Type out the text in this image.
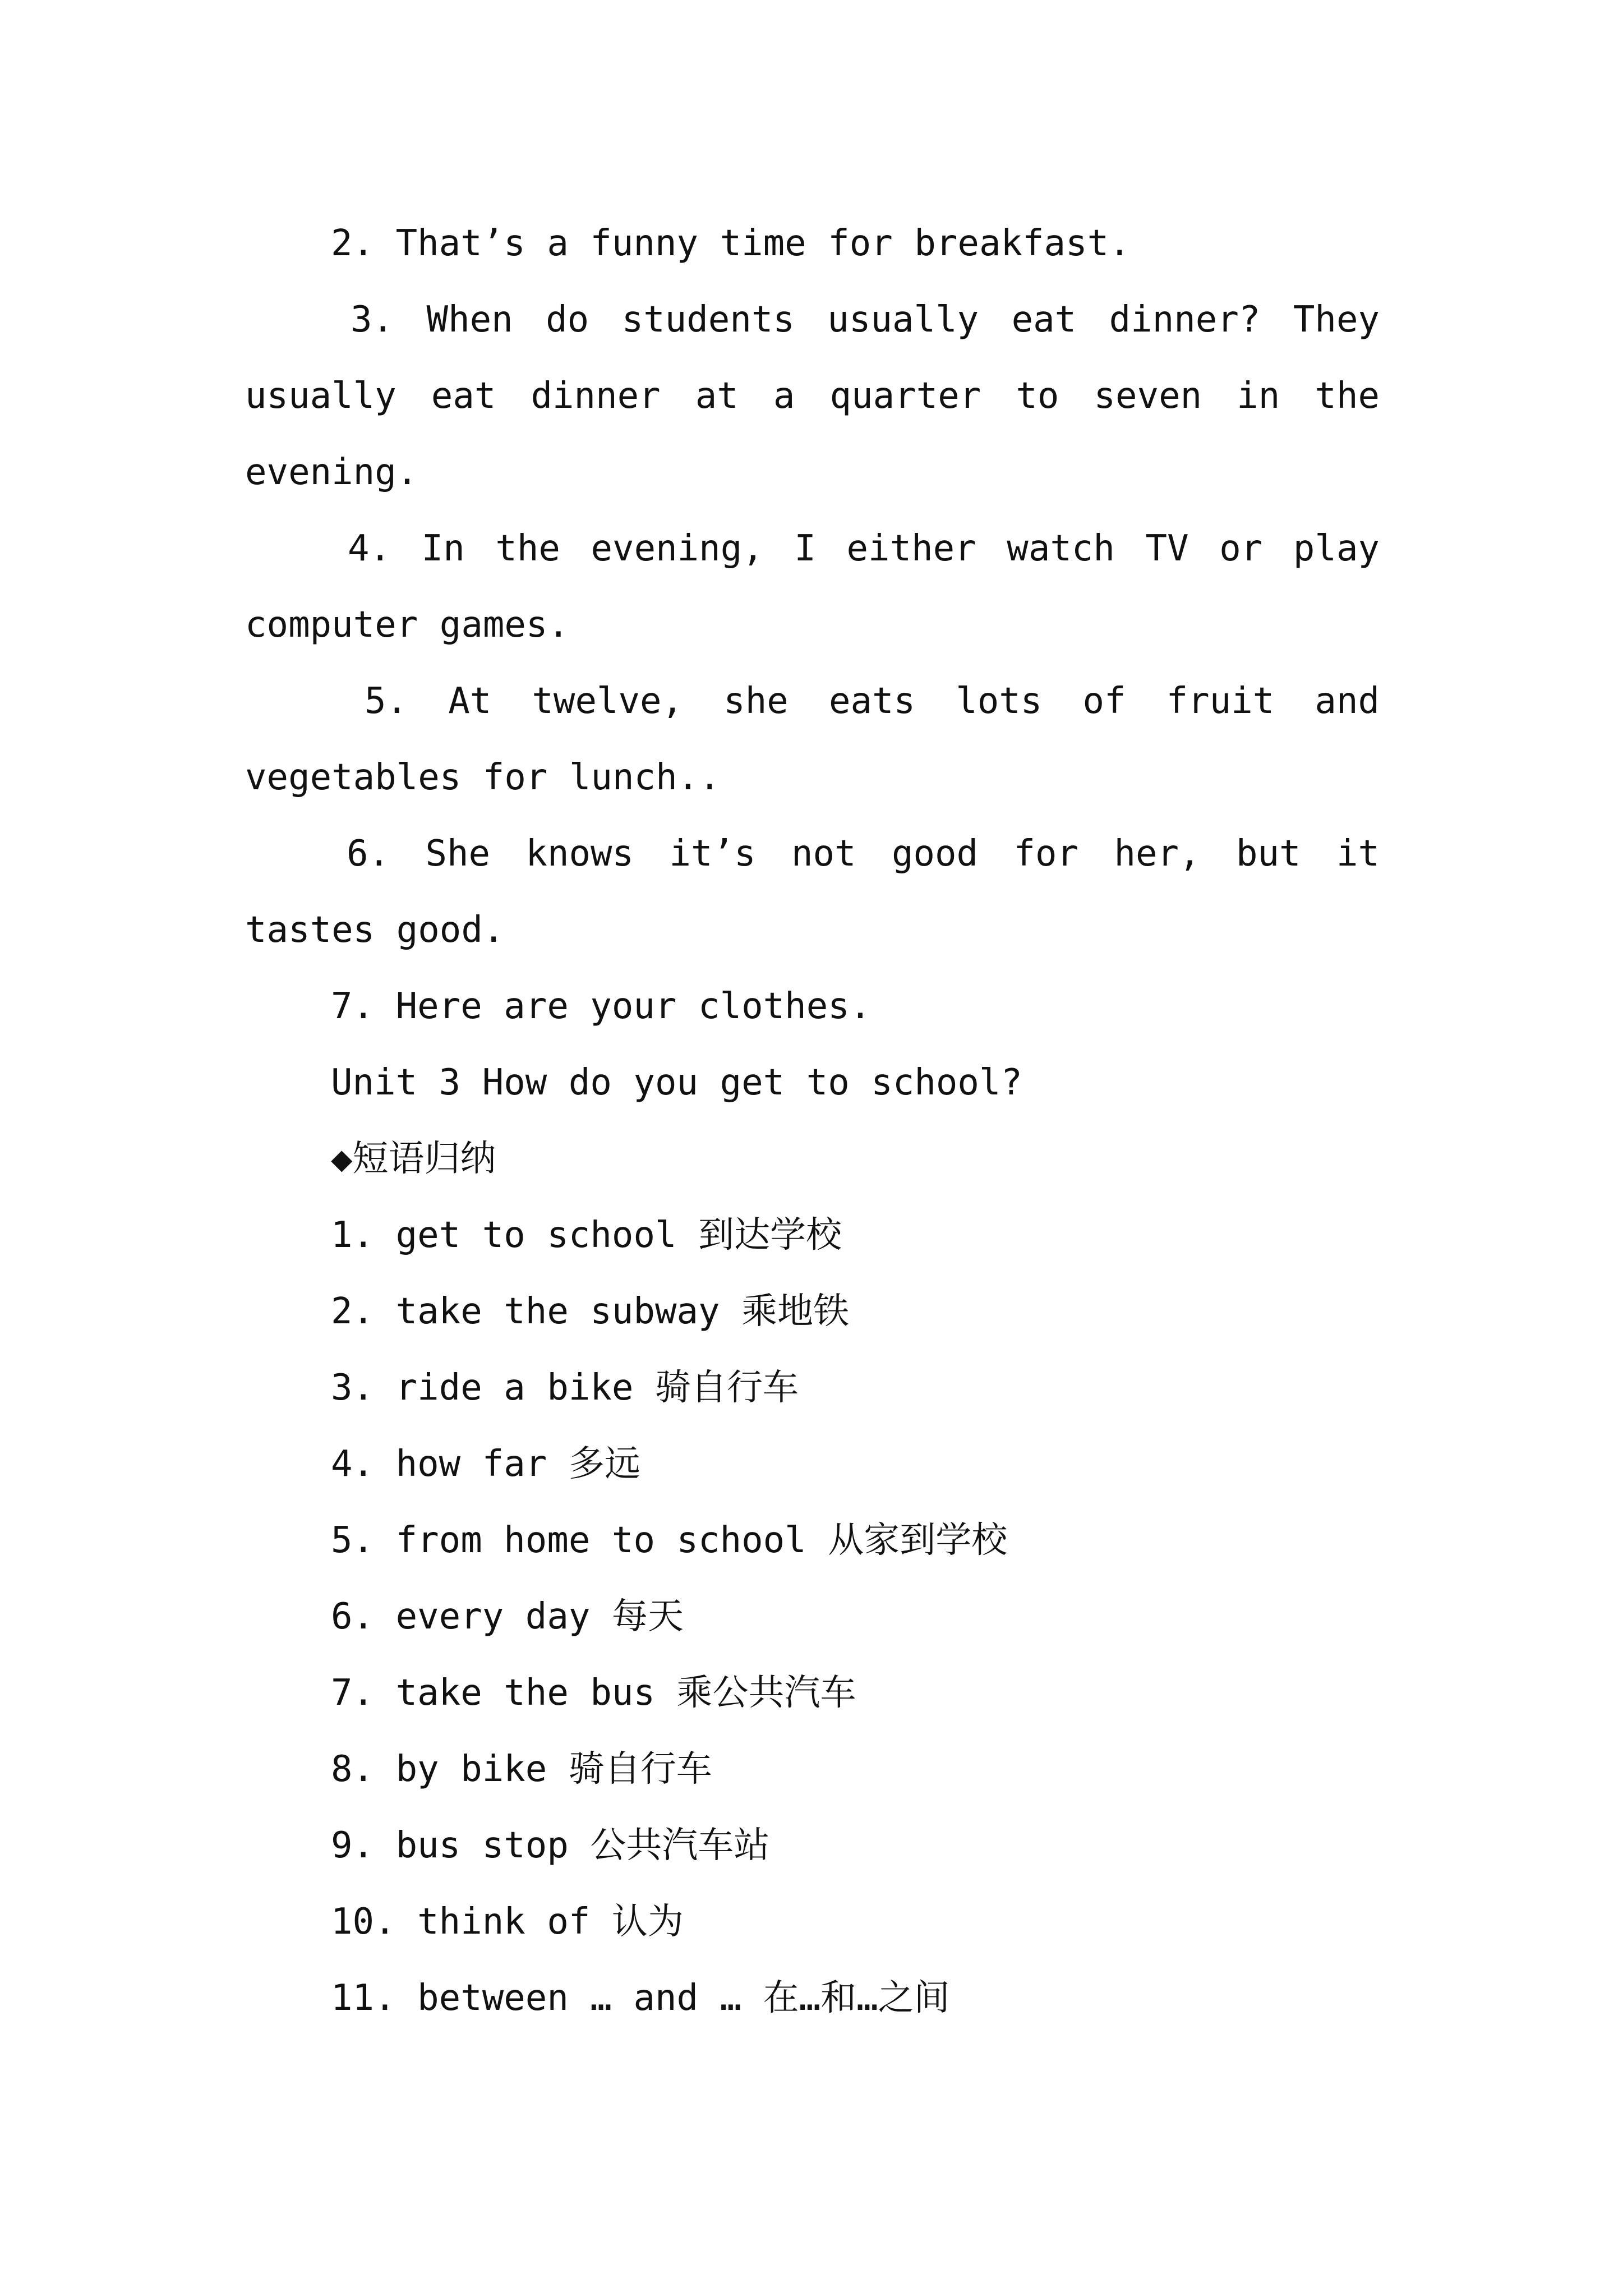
2. That’s a funny time for breakfast.
3. When do students usually eat dinner? They
usually eat dinner at a quarter to seven in the
evening.
4. In the evening, I either watch TV or play
computer games.
5. At twelve, she eats lots of fruit and
vegetables for lunch..
6. She knows it’s not good for her, but it
tastes good.
7. Here are your clothes.
Unit 3 How do you get to school?
◆短语归纳
1. get to school 到达学校
2. take the subway 乘地铁
3. ride a bike 骑自行车
4. how far 多远
5. from home to school 从家到学校
6. every day 每天
7. take the bus 乘公共汽车
8. by bike 骑自行车
9. bus stop 公共汽车站
10. think of 认为
11. between … and … 在…和…之间
